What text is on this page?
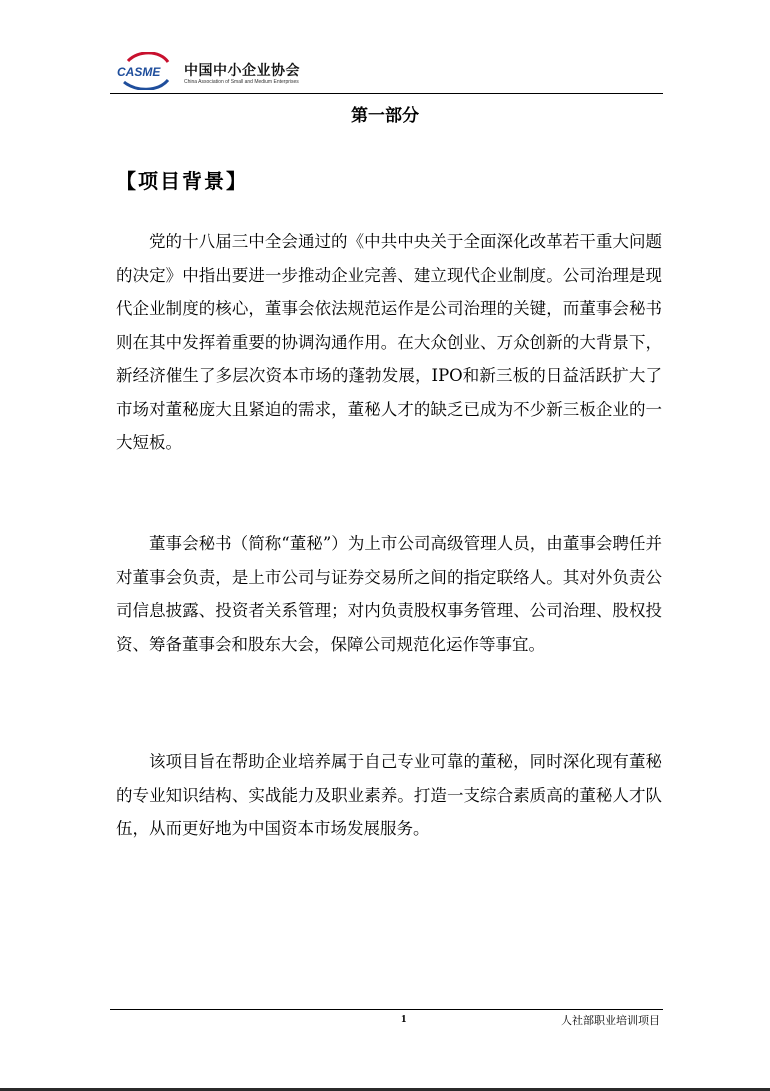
CASME 中国中小企业协会
China Association of Small and Medium Enterprises
第一部分
【项目背景】

党的十八届三中全会通过的《中共中央关于全面深化改革若干重大问题的决定》中指出要进一步推动企业完善、建立现代企业制度。公司治理是现代企业制度的核心，董事会依法规范运作是公司治理的关键，而董事会秘书则在其中发挥着重要的协调沟通作用。在大众创业、万众创新的大背景下，新经济催生了多层次资本市场的蓬勃发展，IPO和新三板的日益活跃扩大了市场对董秘庞大且紧迫的需求，董秘人才的缺乏已成为不少新三板企业的一大短板。

董事会秘书（简称“董秘”）为上市公司高级管理人员，由董事会聘任并对董事会负责，是上市公司与证券交易所之间的指定联络人。其对外负责公司信息披露、投资者关系管理；对内负责股权事务管理、公司治理、股权投资、筹备董事会和股东大会，保障公司规范化运作等事宜。

该项目旨在帮助企业培养属于自己专业可靠的董秘，同时深化现有董秘的专业知识结构、实战能力及职业素养。打造一支综合素质高的董秘人才队伍，从而更好地为中国资本市场发展服务。

1	人社部职业培训项目
